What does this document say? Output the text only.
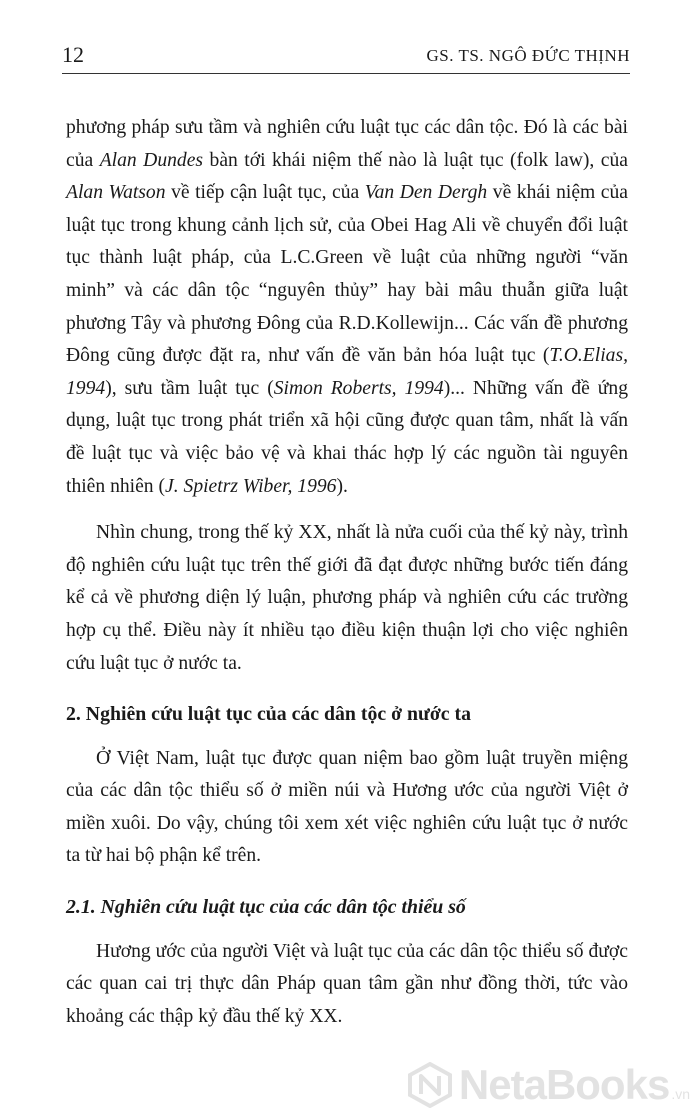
12	GS. TS. NGÔ ĐỨC THỊNH

phương pháp sưu tầm và nghiên cứu luật tục các dân tộc. Đó là các bài của Alan Dundes bàn tới khái niệm thế nào là luật tục (folk law), của Alan Watson về tiếp cận luật tục, của Van Den Dergh về khái niệm của luật tục trong khung cảnh lịch sử, của Obei Hag Ali về chuyển đổi luật tục thành luật pháp, của L.C.Green về luật của những người “văn minh” và các dân tộc “nguyên thủy” hay bài mâu thuẫn giữa luật phương Tây và phương Đông của R.D.Kollewijn... Các vấn đề phương Đông cũng được đặt ra, như vấn đề văn bản hóa luật tục (T.O.Elias, 1994), sưu tầm luật tục (Simon Roberts, 1994)... Những vấn đề ứng dụng, luật tục trong phát triển xã hội cũng được quan tâm, nhất là vấn đề luật tục và việc bảo vệ và khai thác hợp lý các nguồn tài nguyên thiên nhiên (J. Spietrz Wiber, 1996).

Nhìn chung, trong thế kỷ XX, nhất là nửa cuối của thế kỷ này, trình độ nghiên cứu luật tục trên thế giới đã đạt được những bước tiến đáng kể cả về phương diện lý luận, phương pháp và nghiên cứu các trường hợp cụ thể. Điều này ít nhiều tạo điều kiện thuận lợi cho việc nghiên cứu luật tục ở nước ta.

2. Nghiên cứu luật tục của các dân tộc ở nước ta

Ở Việt Nam, luật tục được quan niệm bao gồm luật truyền miệng của các dân tộc thiểu số ở miền núi và Hương ước của người Việt ở miền xuôi. Do vậy, chúng tôi xem xét việc nghiên cứu luật tục ở nước ta từ hai bộ phận kể trên.

2.1. Nghiên cứu luật tục của các dân tộc thiểu số

Hương ước của người Việt và luật tục của các dân tộc thiểu số được các quan cai trị thực dân Pháp quan tâm gần như đồng thời, tức vào khoảng các thập kỷ đầu thế kỷ XX.

NetaBooks .vn
